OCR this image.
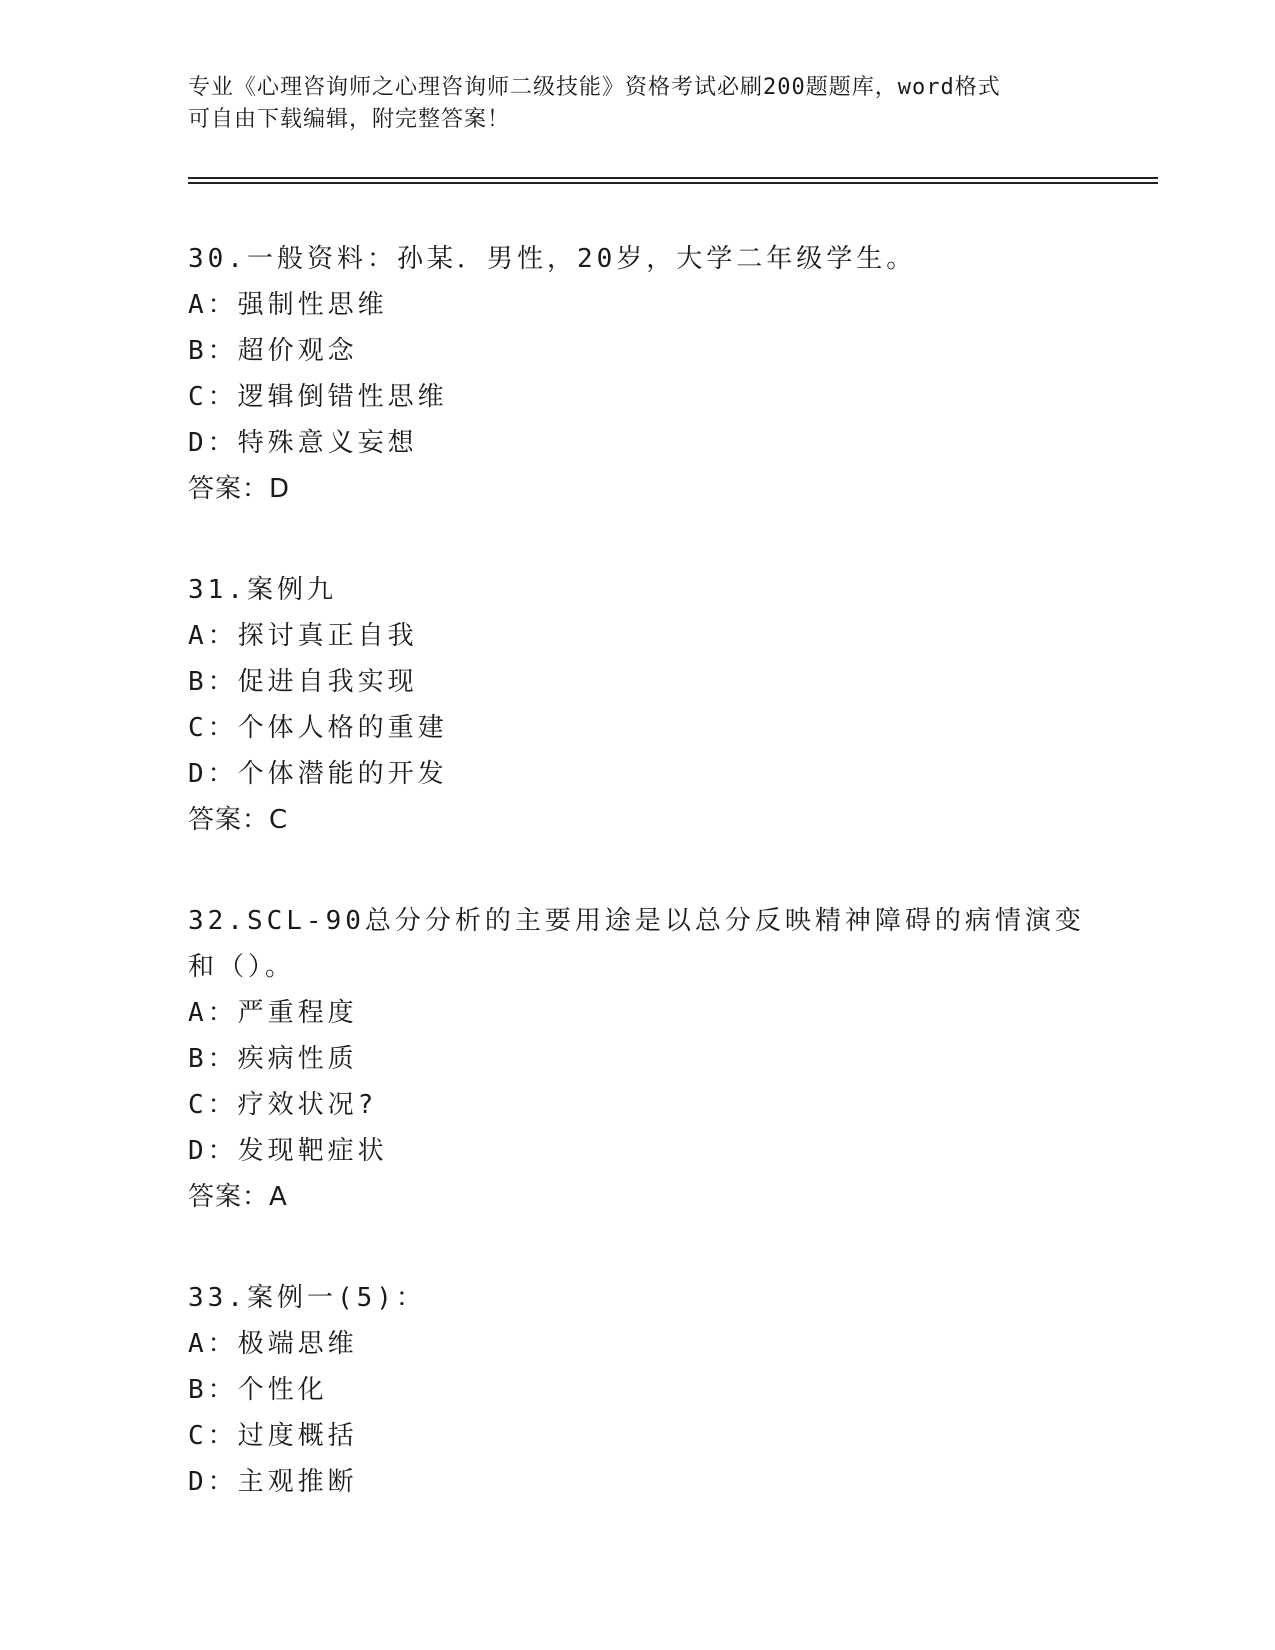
专业《心理咨询师之心理咨询师二级技能》资格考试必刷200题题库，word格式
可自由下载编辑，附完整答案！
30.一般资料：孙某．男性，20岁，大学二年级学生。
A：强制性思维
B：超价观念
C：逻辑倒错性思维
D：特殊意义妄想
答案：D
31.案例九
A：探讨真正自我
B：促进自我实现
C：个体人格的重建
D：个体潜能的开发
答案：C
32.SCL-90总分分析的主要用途是以总分反映精神障碍的病情演变和（）。
A：严重程度
B：疾病性质
C：疗效状况?
D：发现靶症状
答案：A
33.案例一(5)：
A：极端思维
B：个性化
C：过度概括
D：主观推断
